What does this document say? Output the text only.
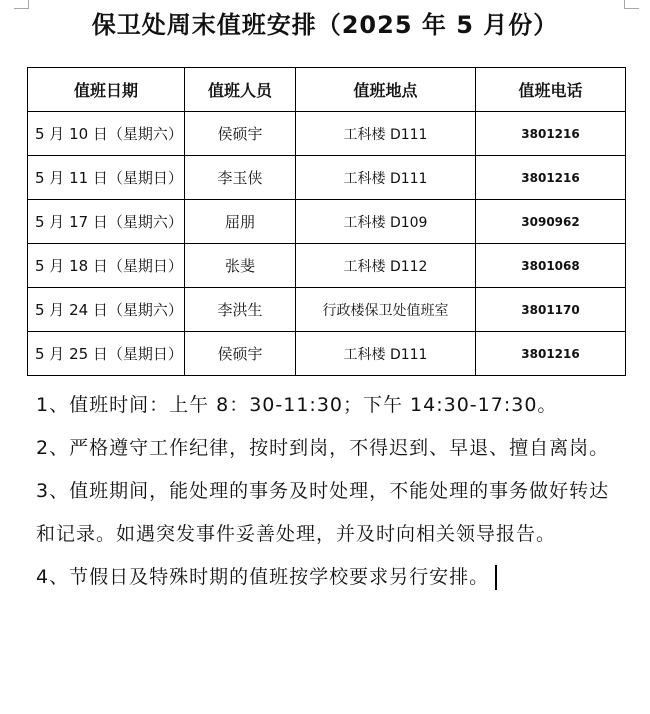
保卫处周末值班安排（2025 年 5 月份）
值班日期	值班人员	值班地点	值班电话
5 月 10 日（星期六）	侯硕宇	工科楼 D111	3801216
5 月 11 日（星期日）	李玉侠	工科楼 D111	3801216
5 月 17 日（星期六）	屈朋	工科楼 D109	3090962
5 月 18 日（星期日）	张斐	工科楼 D112	3801068
5 月 24 日（星期六）	李洪生	行政楼保卫处值班室	3801170
5 月 25 日（星期日）	侯硕宇	工科楼 D111	3801216

1、值班时间：上午 8：30-11:30；下午 14:30-17:30。

2、严格遵守工作纪律，按时到岗，不得迟到、早退、擅自离岗。

3、值班期间，能处理的事务及时处理，不能处理的事务做好转达和记录。如遇突发事件妥善处理，并及时向相关领导报告。

4、节假日及特殊时期的值班按学校要求另行安排。
